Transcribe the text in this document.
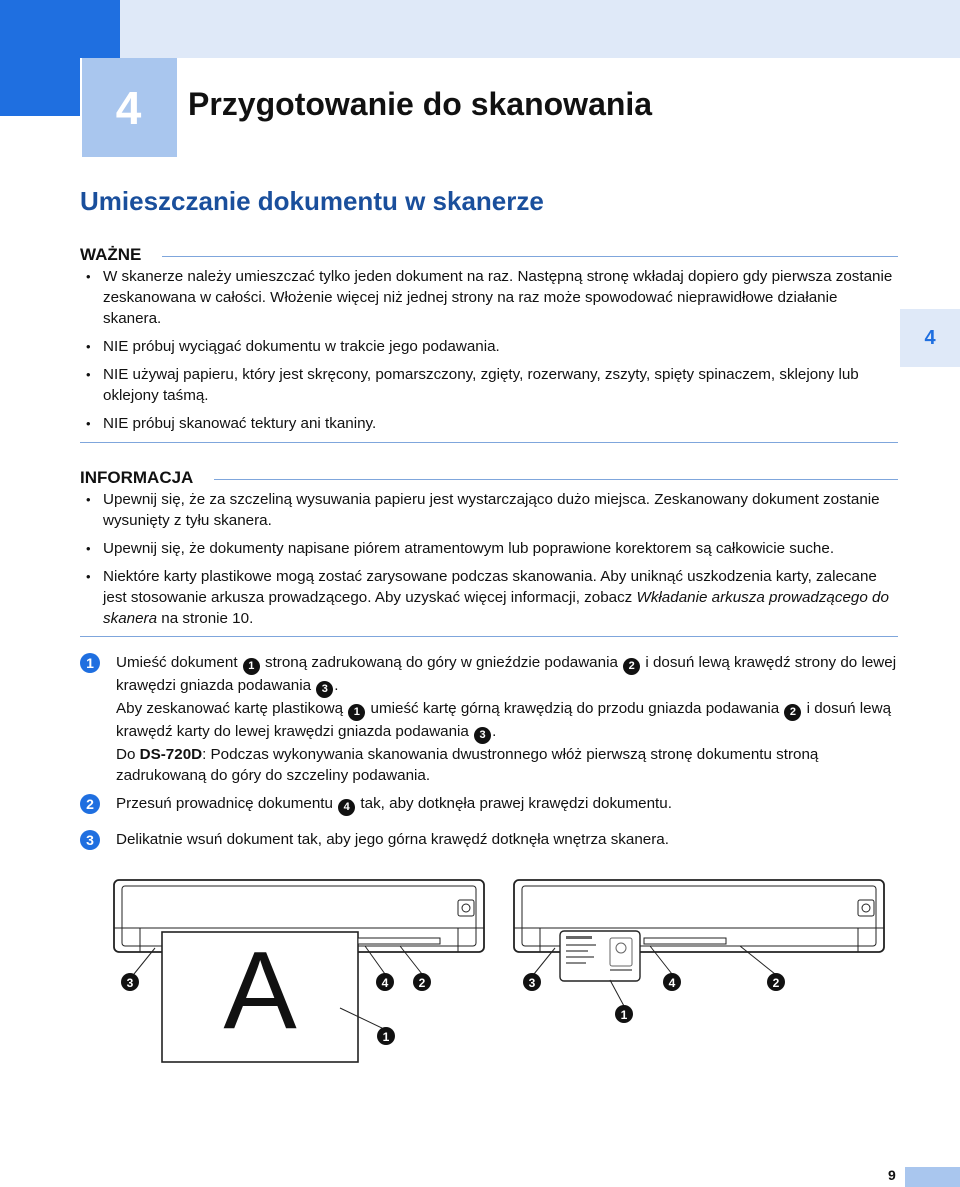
4	Przygotowanie do skanowania
Umieszczanie dokumentu w skanerze
4
WAŻNE
• W skanerze należy umieszczać tylko jeden dokument na raz. Następną stronę wkładaj dopiero gdy pierwsza zostanie zeskanowana w całości. Włożenie więcej niż jednej strony na raz może spowodować nieprawidłowe działanie skanera.
• NIE próbuj wyciągać dokumentu w trakcie jego podawania.
• NIE używaj papieru, który jest skręcony, pomarszczony, zgięty, rozerwany, zszyty, spięty spinaczem, sklejony lub oklejony taśmą.
• NIE próbuj skanować tektury ani tkaniny.
INFORMACJA
• Upewnij się, że za szczeliną wysuwania papieru jest wystarczająco dużo miejsca. Zeskanowany dokument zostanie wysunięty z tyłu skanera.
• Upewnij się, że dokumenty napisane piórem atramentowym lub poprawione korektorem są całkowicie suche.
• Niektóre karty plastikowe mogą zostać zarysowane podczas skanowania. Aby uniknąć uszkodzenia karty, zalecane jest stosowanie arkusza prowadzącego. Aby uzyskać więcej informacji, zobacz Wkładanie arkusza prowadzącego do skanera na stronie 10.
1	Umieść dokument 1 stroną zadrukowaną do góry w gnieździe podawania 2 i dosuń lewą krawędź strony do lewej krawędzi gniazda podawania 3 .
Aby zeskanować kartę plastikową 1 umieść kartę górną krawędzią do przodu gniazda podawania 2 i dosuń lewą krawędź karty do lewej krawędzi gniazda podawania 3 .
Do DS-720D: Podczas wykonywania skanowania dwustronnego włóż pierwszą stronę dokumentu stroną zadrukowaną do góry do szczeliny podawania.
2	Przesuń prowadnicę dokumentu 4 tak, aby dotknęła prawej krawędzi dokumentu.
3	Delikatnie wsuń dokument tak, aby jego górna krawędź dotknęła wnętrza skanera.
A
3	4	2
1
3	4	2
1
9
